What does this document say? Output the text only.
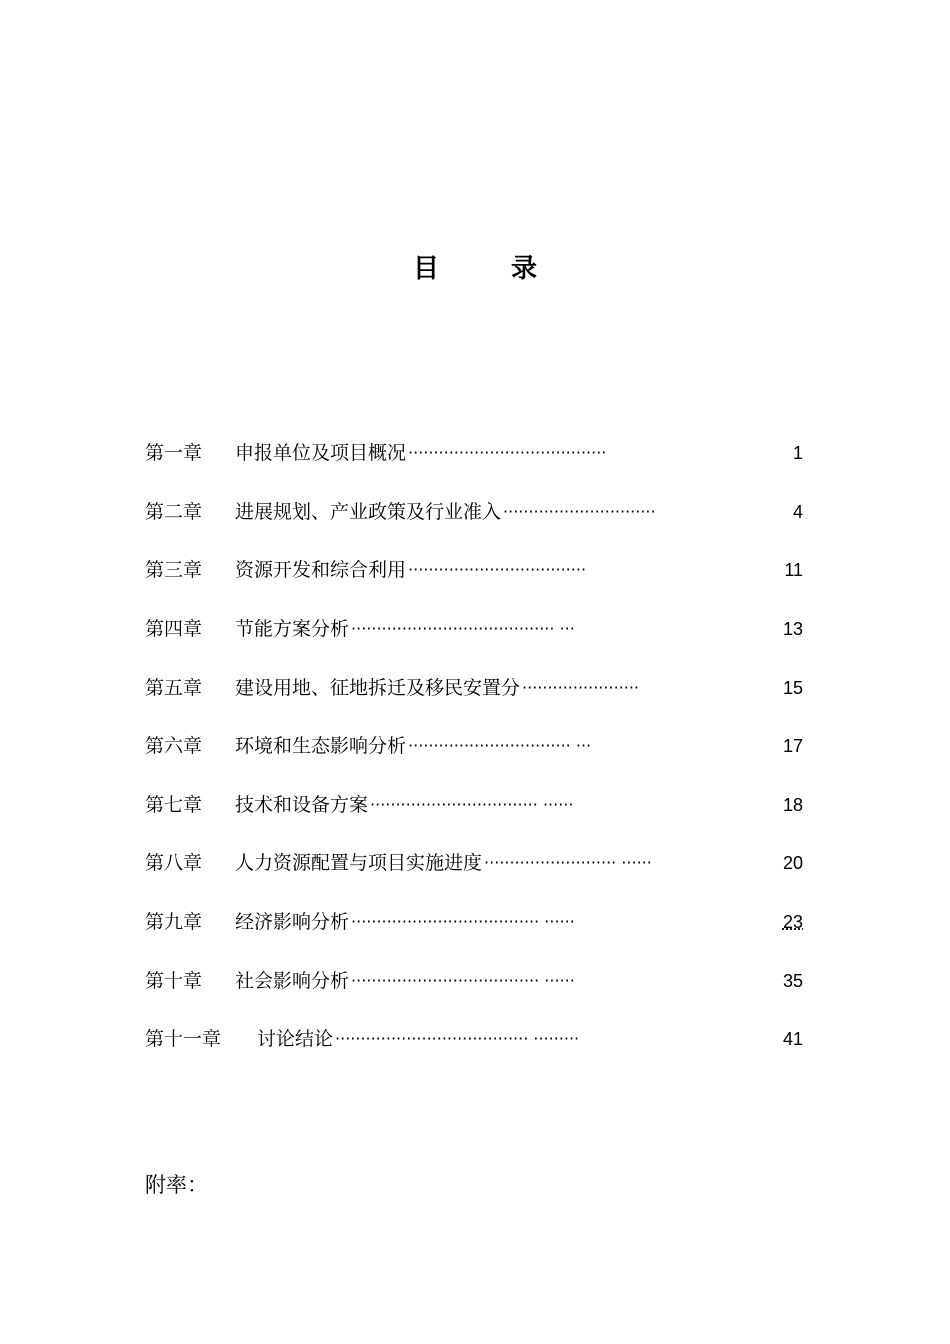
目	录
第一章	申报单位及项目概况 ·······································	1
第二章	进展规划、产业政策及行业准入 ······························	4
第三章	资源开发和综合利用 ···································	11
第四章	节能方案分析 ········································ ···	13
第五章	建设用地、征地拆迁及移民安置分 ·······················	15
第六章	环境和生态影响分析 ································ ···	17
第七章	技术和设备方案 ································· ······	18
第八章	人力资源配置与项目实施进度 ·························· ······	20
第九章	经济影响分析 ····································· ······	23
第十章	社会影响分析 ····································· ······	35
第十一章	讨论结论 ······································ ·········	41
附率：
